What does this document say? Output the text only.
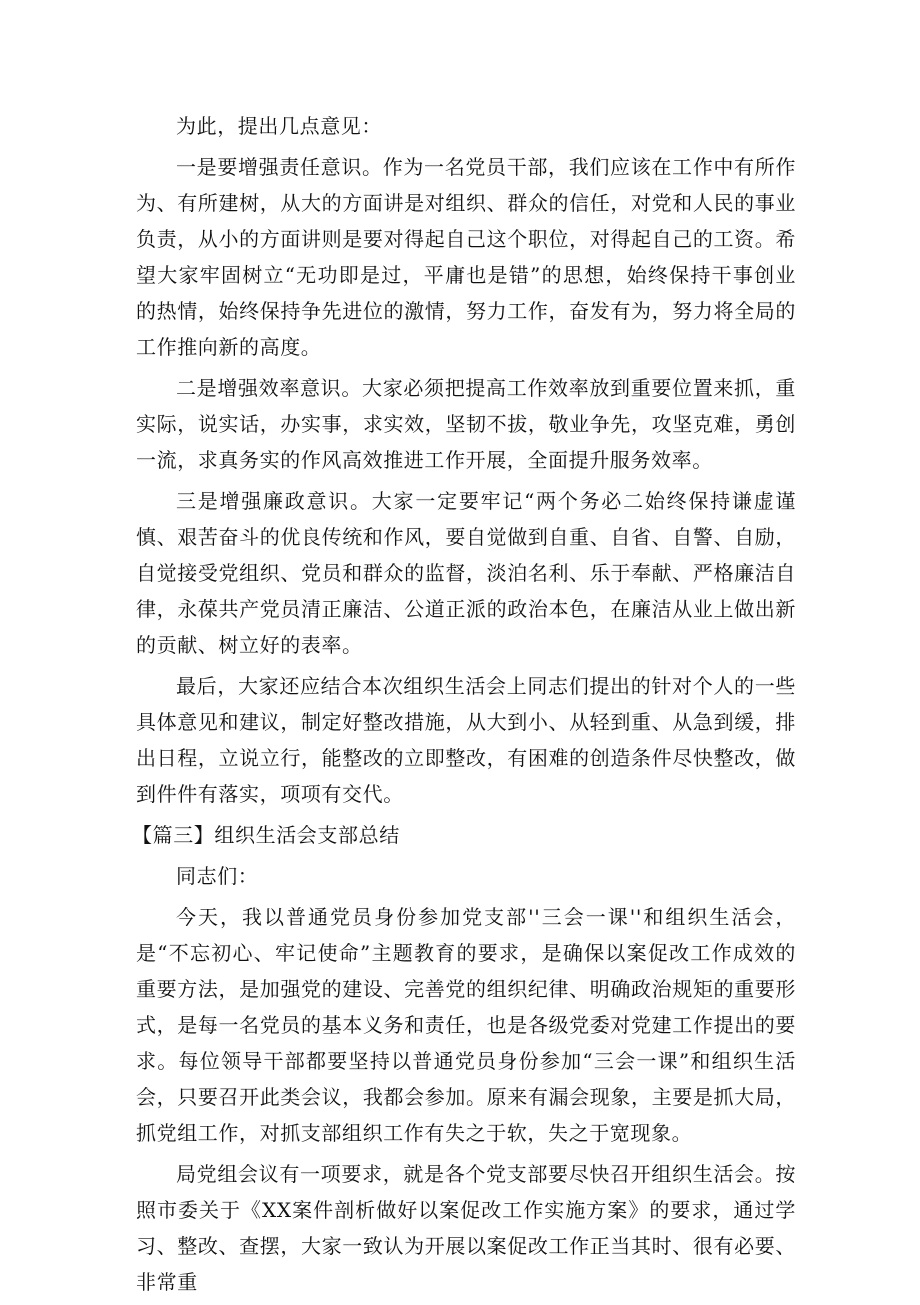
为此，提出几点意见：

一是要增强责任意识。作为一名党员干部，我们应该在工作中有所作为、有所建树，从大的方面讲是对组织、群众的信任，对党和人民的事业负责，从小的方面讲则是要对得起自己这个职位，对得起自己的工资。希望大家牢固树立“无功即是过，平庸也是错”的思想，始终保持干事创业的热情，始终保持争先进位的激情，努力工作，奋发有为，努力将全局的工作推向新的高度。

二是增强效率意识。大家必须把提高工作效率放到重要位置来抓，重实际，说实话，办实事，求实效，坚韧不拔，敬业争先，攻坚克难，勇创一流，求真务实的作风高效推进工作开展，全面提升服务效率。

三是增强廉政意识。大家一定要牢记“两个务必二始终保持谦虚谨慎、艰苦奋斗的优良传统和作风，要自觉做到自重、自省、自警、自励，自觉接受党组织、党员和群众的监督，淡泊名利、乐于奉献、严格廉洁自律，永葆共产党员清正廉洁、公道正派的政治本色，在廉洁从业上做出新的贡献、树立好的表率。

最后，大家还应结合本次组织生活会上同志们提出的针对个人的一些具体意见和建议，制定好整改措施，从大到小、从轻到重、从急到缓，排出日程，立说立行，能整改的立即整改，有困难的创造条件尽快整改，做到件件有落实，项项有交代。

【篇三】组织生活会支部总结

同志们：

今天，我以普通党员身份参加党支部''三会一课''和组织生活会，是“不忘初心、牢记使命”主题教育的要求，是确保以案促改工作成效的重要方法，是加强党的建设、完善党的组织纪律、明确政治规矩的重要形式，是每一名党员的基本义务和责任，也是各级党委对党建工作提出的要求。每位领导干部都要坚持以普通党员身份参加“三会一课”和组织生活会，只要召开此类会议，我都会参加。原来有漏会现象，主要是抓大局，抓党组工作，对抓支部组织工作有失之于软，失之于宽现象。

局党组会议有一项要求，就是各个党支部要尽快召开组织生活会。按照市委关于《XX案件剖析做好以案促改工作实施方案》的要求，通过学习、整改、查摆，大家一致认为开展以案促改工作正当其时、很有必要、非常重
